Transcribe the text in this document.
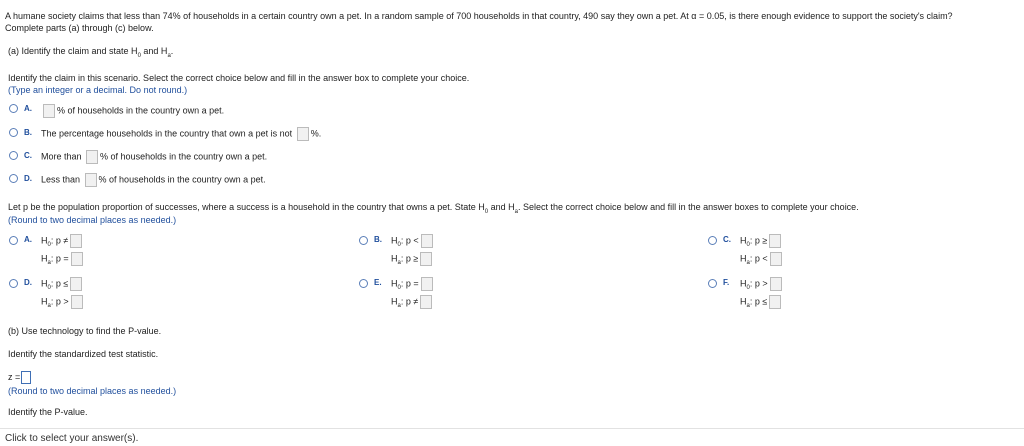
A humane society claims that less than 74% of households in a certain country own a pet. In a random sample of 700 households in that country, 490 say they own a pet. At α = 0.05, is there enough evidence to support the society's claim?
Complete parts (a) through (c) below.
(a) Identify the claim and state $H_0$ and $H_a$.
Identify the claim in this scenario. Select the correct choice below and fill in the answer box to complete your choice.
(Type an integer or a decimal. Do not round.)
A.	% of households in the country own a pet.
B. The percentage households in the country that own a pet is not %.
C. More than % of households in the country own a pet.
D. Less than % of households in the country own a pet.
Let p be the population proportion of successes, where a success is a household in the country that owns a pet. State $H_0$ and $H_a$. Select the correct choice below and fill in the answer boxes to complete your choice.
(Round to two decimal places as needed.)
A. $H_0$: p ≠
$H_a$: p =
B. $H_0$: p <
$H_a$: p ≥
C. $H_0$: p ≥
$H_a$: p <
D. $H_0$: p ≤
$H_a$: p >
E. $H_0$: p =
$H_a$: p ≠
F. $H_0$: p >
$H_a$: p ≤
(b) Use technology to find the P-value.
Identify the standardized test statistic.
z =
(Round to two decimal places as needed.)
Identify the P-value.
Click to select your answer(s).
